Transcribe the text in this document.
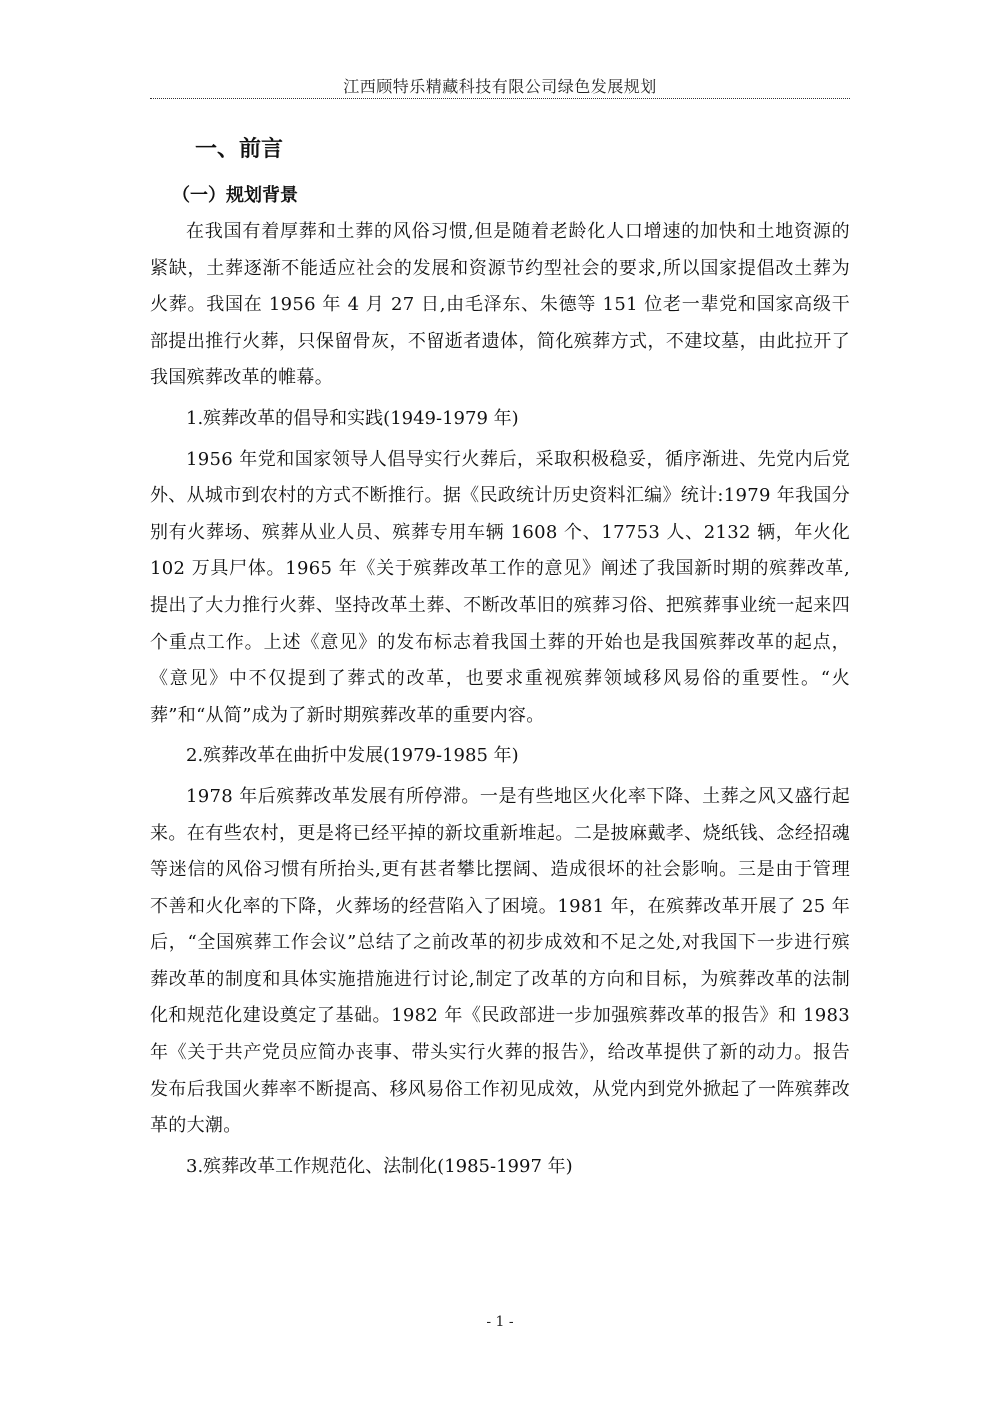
江西顾特乐精藏科技有限公司绿色发展规划
一、前言
（一）规划背景

在我国有着厚葬和土葬的风俗习惯,但是随着老龄化人口增速的加快和土地资源的紧缺，土葬逐渐不能适应社会的发展和资源节约型社会的要求,所以国家提倡改土葬为火葬。我国在 1956 年 4 月 27 日,由毛泽东、朱德等 151 位老一辈党和国家高级干部提出推行火葬，只保留骨灰，不留逝者遗体，简化殡葬方式，不建坟墓，由此拉开了我国殡葬改革的帷幕。

1.殡葬改革的倡导和实践(1949-1979 年)

1956 年党和国家领导人倡导实行火葬后，采取积极稳妥，循序渐进、先党内后党外、从城市到农村的方式不断推行。据《民政统计历史资料汇编》统计:1979 年我国分别有火葬场、殡葬从业人员、殡葬专用车辆 1608 个、17753 人、2132 辆，年火化 102 万具尸体。1965 年《关于殡葬改革工作的意见》阐述了我国新时期的殡葬改革,提出了大力推行火葬、坚持改革土葬、不断改革旧的殡葬习俗、把殡葬事业统一起来四个重点工作。上述《意见》的发布标志着我国土葬的开始也是我国殡葬改革的起点，《意见》中不仅提到了葬式的改革，也要求重视殡葬领域移风易俗的重要性。“火葬”和“从简”成为了新时期殡葬改革的重要内容。

2.殡葬改革在曲折中发展(1979-1985 年)

1978 年后殡葬改革发展有所停滞。一是有些地区火化率下降、土葬之风又盛行起来。在有些农村，更是将已经平掉的新坟重新堆起。二是披麻戴孝、烧纸钱、念经招魂等迷信的风俗习惯有所抬头,更有甚者攀比摆阔、造成很坏的社会影响。三是由于管理不善和火化率的下降，火葬场的经营陷入了困境。1981 年，在殡葬改革开展了 25 年后，“全国殡葬工作会议”总结了之前改革的初步成效和不足之处,对我国下一步进行殡葬改革的制度和具体实施措施进行讨论,制定了改革的方向和目标，为殡葬改革的法制化和规范化建设奠定了基础。1982 年《民政部进一步加强殡葬改革的报告》和 1983 年《关于共产党员应简办丧事、带头实行火葬的报告》，给改革提供了新的动力。报告发布后我国火葬率不断提高、移风易俗工作初见成效，从党内到党外掀起了一阵殡葬改革的大潮。

3.殡葬改革工作规范化、法制化(1985-1997 年)

- 1 -
